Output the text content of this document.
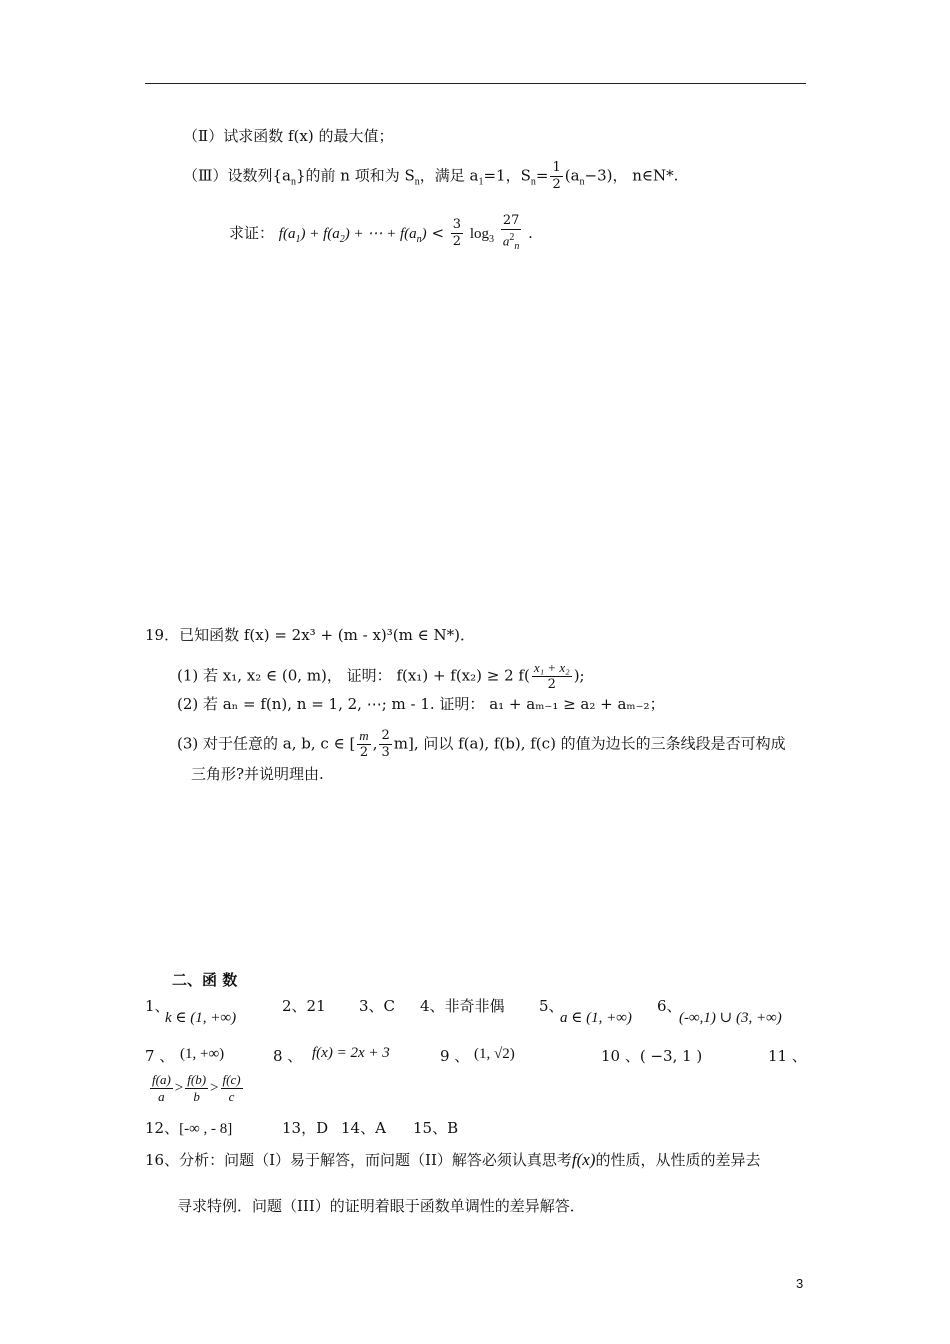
（Ⅱ）试求函数 f(x) 的最大值；
（Ⅲ）设数列$\{a_n\}$的前 n 项和为 $S_n$，满足 $a_1=1$，$S_n= \frac{1}{2} (a_n-3)$， n∈N*.
求证： $f(a_1) + f(a_2)$ + ⋯ + $f(a_n) < \frac{3}{2} \log_3 \frac{27}{a^2_n}$ .
19．已知函数 f(x) = 2x³ + (m - x)³(m ∈ N*)．
(1) 若 x₁, x₂ ∈ (0, m)， 证明： f(x₁) + f(x₂) ≥ 2 $f( \frac{\text{x₁ + x₂}}{2}$ );
(2) 若 aₙ = f(n), n = 1, 2, ⋯; m - 1. 证明： a₁ + aₘ₋₁ ≥ a₂ + aₘ₋₂；
(3) 对于任意的 a, b, c ∈ [ $\frac{m}{2}$ , $\frac{2}{3} m$], 问以 f(a), f(b), f(c) 的值为边长的三条线段是否可构成
三角形?并说明理由.
二、函 数
1、
k ∈ (1, +∞)
2、21 3、C 4、非奇非偶 5、
a ∈ (1, +∞)
6、
(-∞,1) ∪ (3, +∞)
7 、 (1, +∞)	8 、 f(x) = 2x + 3	9 、 (1, √2)	10 、( −3, 1 )	11 、
$\frac{f(a)}{a} > \frac{f(b)}{b} > \frac{f(c)}{c}$
12、[-∞ , - 8]	13，D 14、A 15、B
16、分析：问题（I）易于解答，而问题（II）解答必须认真思考f(x)的性质，从性质的差异去
寻求特例．问题（III）的证明着眼于函数单调性的差异解答．
3
